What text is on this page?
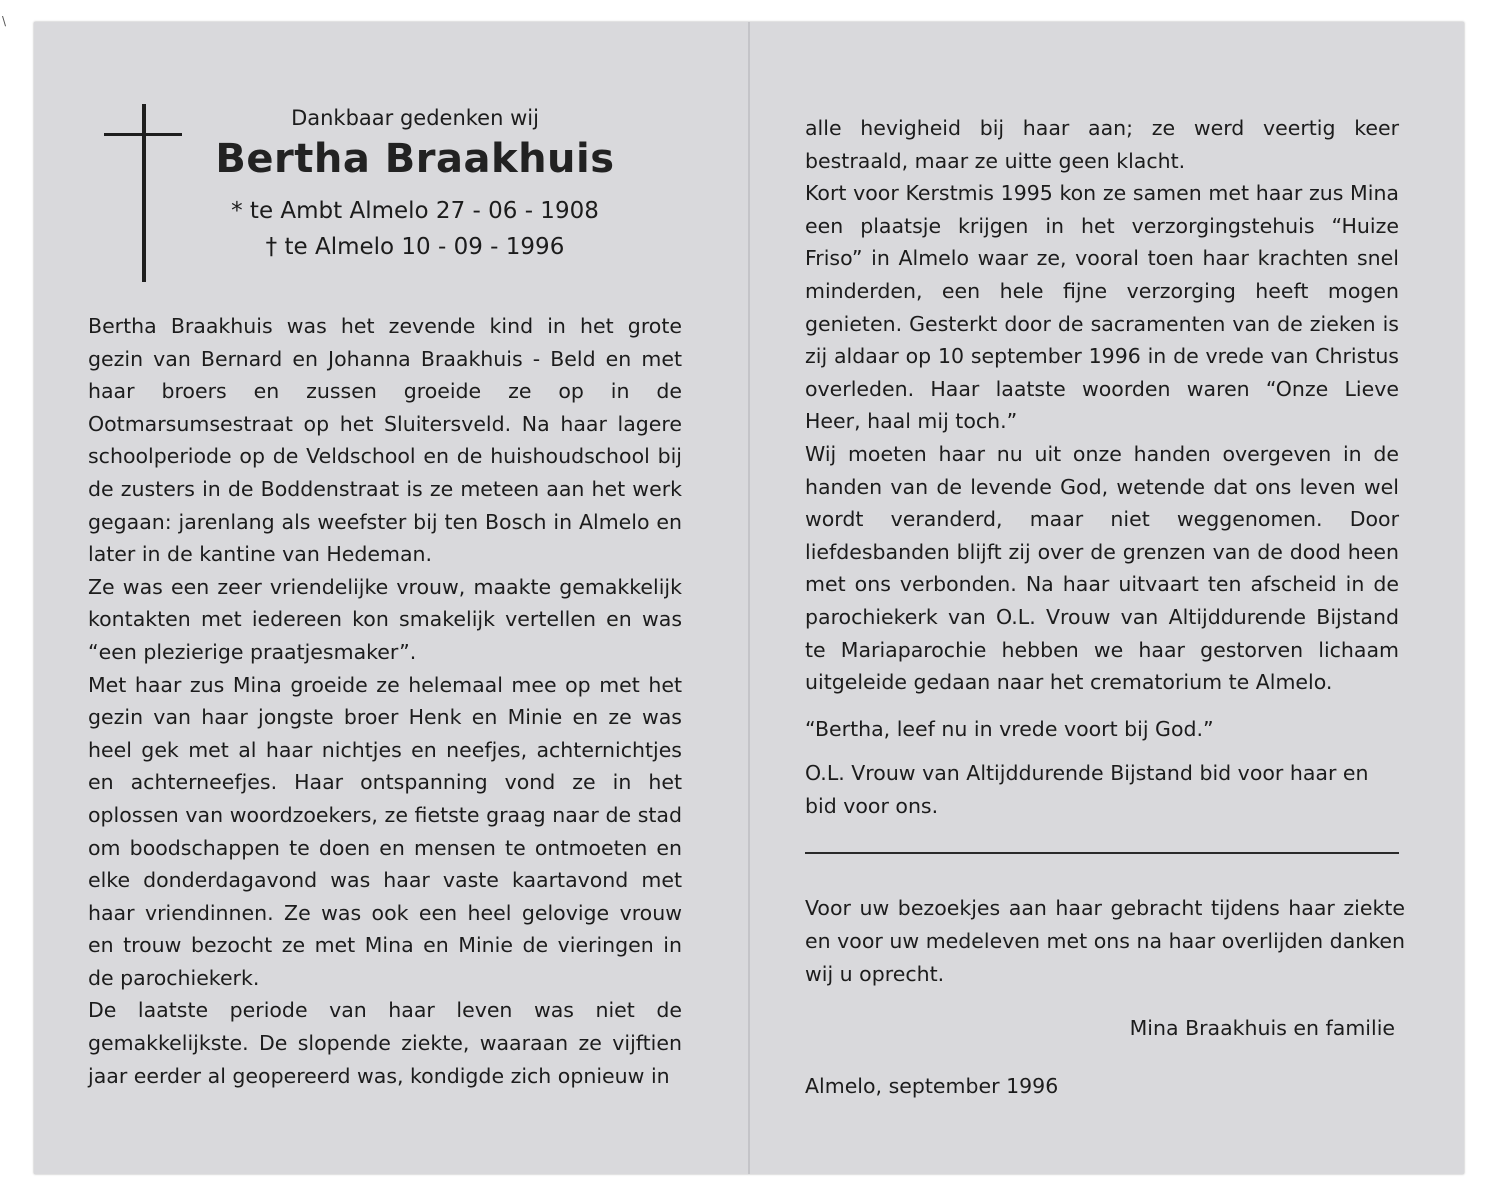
\

Dankbaar gedenken wij

Bertha Braakhuis

* te Ambt Almelo 27 - 06 - 1908

† te Almelo 10 - 09 - 1996

Bertha Braakhuis was het zevende kind in het grote gezin van Bernard en Johanna Braakhuis - Beld en met haar broers en zussen groeide ze op in de Ootmarsumsestraat op het Sluitersveld. Na haar lagere schoolperiode op de Veldschool en de huishoudschool bij de zusters in de Boddenstraat is ze meteen aan het werk gegaan: jarenlang als weefster bij ten Bosch in Almelo en later in de kantine van Hedeman.

Ze was een zeer vriendelijke vrouw, maakte gemakkelijk kontakten met iedereen kon smakelijk vertellen en was “een plezierige praatjesmaker”.

Met haar zus Mina groeide ze helemaal mee op met het gezin van haar jongste broer Henk en Minie en ze was heel gek met al haar nichtjes en neefjes, achternichtjes en achterneefjes. Haar ontspanning vond ze in het oplossen van woordzoekers, ze fietste graag naar de stad om boodschappen te doen en mensen te ontmoeten en elke donderdagavond was haar vaste kaartavond met haar vriendinnen. Ze was ook een heel gelovige vrouw en trouw bezocht ze met Mina en Minie de vieringen in de parochiekerk.

De laatste periode van haar leven was niet de gemakkelijkste. De slopende ziekte, waaraan ze vijftien jaar eerder al geopereerd was, kondigde zich opnieuw in

alle hevigheid bij haar aan; ze werd veertig keer bestraald, maar ze uitte geen klacht.

Kort voor Kerstmis 1995 kon ze samen met haar zus Mina een plaatsje krijgen in het verzorgingstehuis “Huize Friso” in Almelo waar ze, vooral toen haar krachten snel minderden, een hele fijne verzorging heeft mogen genieten. Gesterkt door de sacramenten van de zieken is zij aldaar op 10 september 1996 in de vrede van Christus overleden. Haar laatste woorden waren “Onze Lieve Heer, haal mij toch.”

Wij moeten haar nu uit onze handen overgeven in de handen van de levende God, wetende dat ons leven wel wordt veranderd, maar niet weggenomen. Door liefdesbanden blijft zij over de grenzen van de dood heen met ons verbonden. Na haar uitvaart ten afscheid in de parochiekerk van O.L. Vrouw van Altijddurende Bijstand te Mariaparochie hebben we haar gestorven lichaam uitgeleide gedaan naar het crematorium te Almelo.

“Bertha, leef nu in vrede voort bij God.”

O.L. Vrouw van Altijddurende Bijstand bid voor haar en bid voor ons.

Voor uw bezoekjes aan haar gebracht tijdens haar ziekte en voor uw medeleven met ons na haar overlijden danken wij u oprecht.

Mina Braakhuis en familie

Almelo, september 1996
